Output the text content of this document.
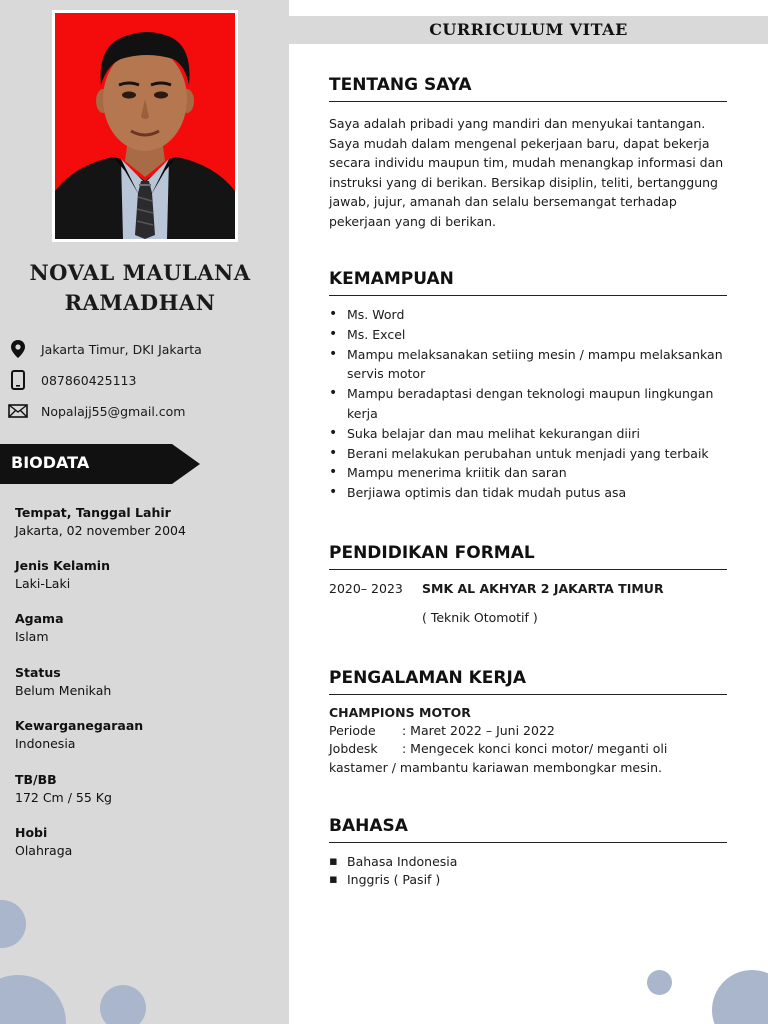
NOVAL MAULANA
RAMADHAN
Jakarta Timur, DKI Jakarta
087860425113
Nopalajj55@gmail.com
BIODATA
Tempat, Tanggal Lahir
Jakarta, 02 november 2004
Jenis Kelamin
Laki-Laki
Agama
Islam
Status
Belum Menikah
Kewarganegaraan
Indonesia
TB/BB
172 Cm / 55 Kg
Hobi
Olahraga
CURRICULUM VITAE
TENTANG SAYA
Saya adalah pribadi yang mandiri dan menyukai tantangan.
Saya mudah dalam mengenal pekerjaan baru, dapat bekerja
secara individu maupun tim, mudah menangkap informasi dan
instruksi yang di berikan. Bersikap disiplin, teliti, bertanggung
jawab, jujur, amanah dan selalu bersemangat terhadap
pekerjaan yang di berikan.
KEMAMPUAN
• Ms. Word
• Ms. Excel
• Mampu melaksanakan setiing mesin / mampu melaksankan servis motor
• Mampu beradaptasi dengan teknologi maupun lingkungan kerja
• Suka belajar dan mau melihat kekurangan diiri
• Berani melakukan perubahan untuk menjadi yang terbaik
• Mampu menerima kriitik dan saran
• Berjiawa optimis dan tidak mudah putus asa
PENDIDIKAN FORMAL
2020– 2023 SMK AL AKHYAR 2 JAKARTA TIMUR
( Teknik Otomotif )
PENGALAMAN KERJA
CHAMPIONS MOTOR
Periode : Maret 2022 – Juni 2022
Jobdesk : Mengecek konci konci motor/ meganti oli
kastamer / mambantu kariawan membongkar mesin.
BAHASA
▪ Bahasa Indonesia
▪ Inggris ( Pasif )
